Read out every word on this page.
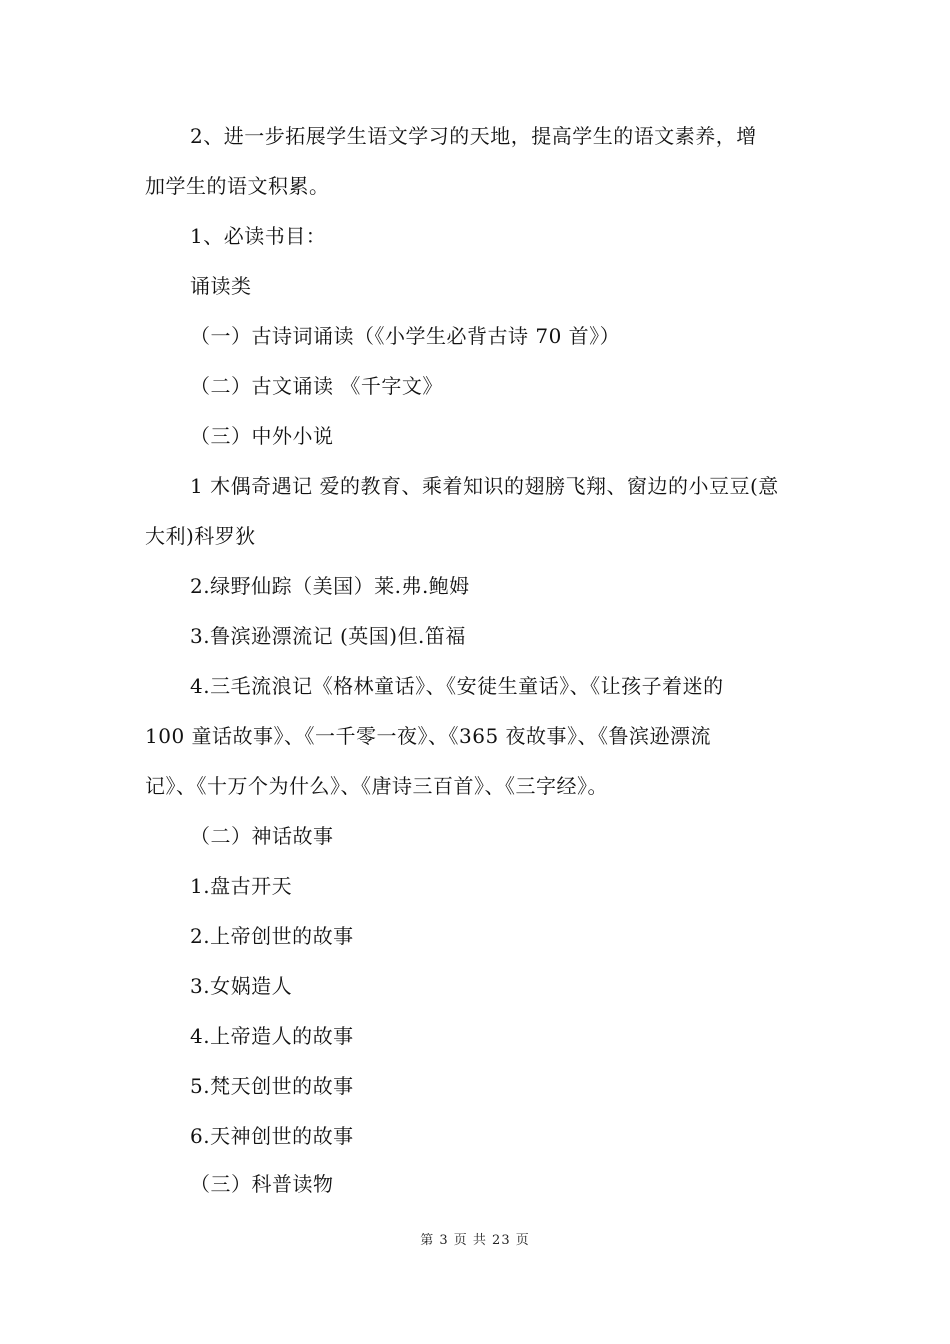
2、进一步拓展学生语文学习的天地，提高学生的语文素养，增
加学生的语文积累。
1、必读书目：
诵读类
（一）古诗词诵读（《小学生必背古诗 70 首》）
（二）古文诵读 《千字文》
（三）中外小说
1 木偶奇遇记 爱的教育、乘着知识的翅膀飞翔、窗边的小豆豆(意
大利)科罗狄
2.绿野仙踪（美国）莱.弗.鲍姆
3.鲁滨逊漂流记 (英国)但.笛福
4.三毛流浪记《格林童话》、《安徒生童话》、《让孩子着迷的
100 童话故事》、《一千零一夜》、《365 夜故事》、《鲁滨逊漂流
记》、《十万个为什么》、《唐诗三百首》、《三字经》。
（二）神话故事
1.盘古开天
2.上帝创世的故事
3.女娲造人
4.上帝造人的故事
5.梵天创世的故事
6.天神创世的故事
（三）科普读物
第 3 页 共 23 页
